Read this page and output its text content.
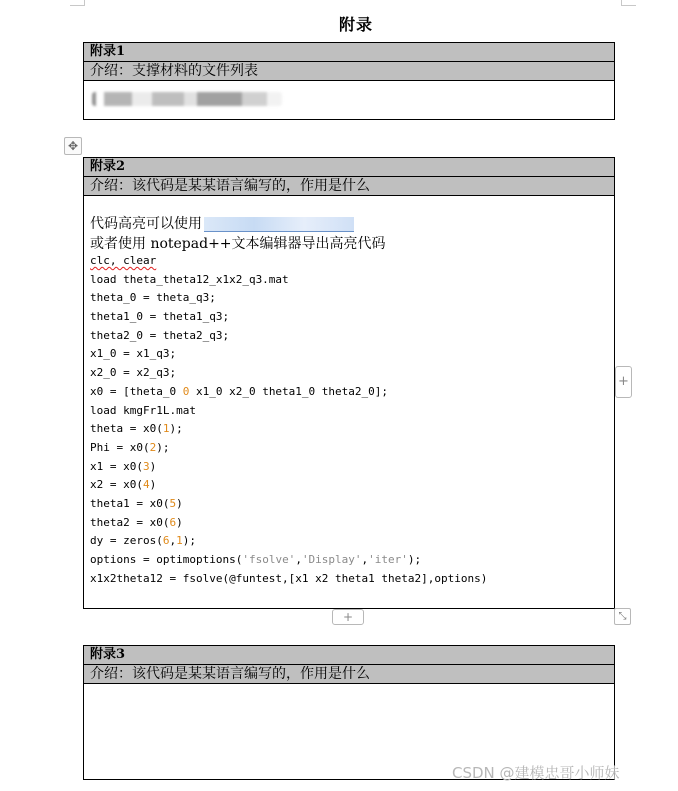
附录
附录1
介绍：支撑材料的文件列表
✥
附录2
介绍：该代码是某某语言编写的，作用是什么
代码高亮可以使用
或者使用 notepad++文本编辑器导出高亮代码
clc, clear
load theta_theta12_x1x2_q3.mat
theta_0 = theta_q3;
theta1_0 = theta1_q3;
theta2_0 = theta2_q3;
x1_0 = x1_q3;
x2_0 = x2_q3;
x0 = [theta_0 0 x1_0 x2_0 theta1_0 theta2_0];
load kmgFr1L.mat
theta = x0(1);
Phi = x0(2);
x1 = x0(3)
x2 = x0(4)
theta1 = x0(5)
theta2 = x0(6)
dy = zeros(6,1);
options = optimoptions('fsolve','Display','iter');
x1x2theta12 = fsolve(@funtest,[x1 x2 theta1 theta2],options)
+
+	⤡
附录3
介绍：该代码是某某语言编写的，作用是什么
CSDN @建模忠哥小师妹
